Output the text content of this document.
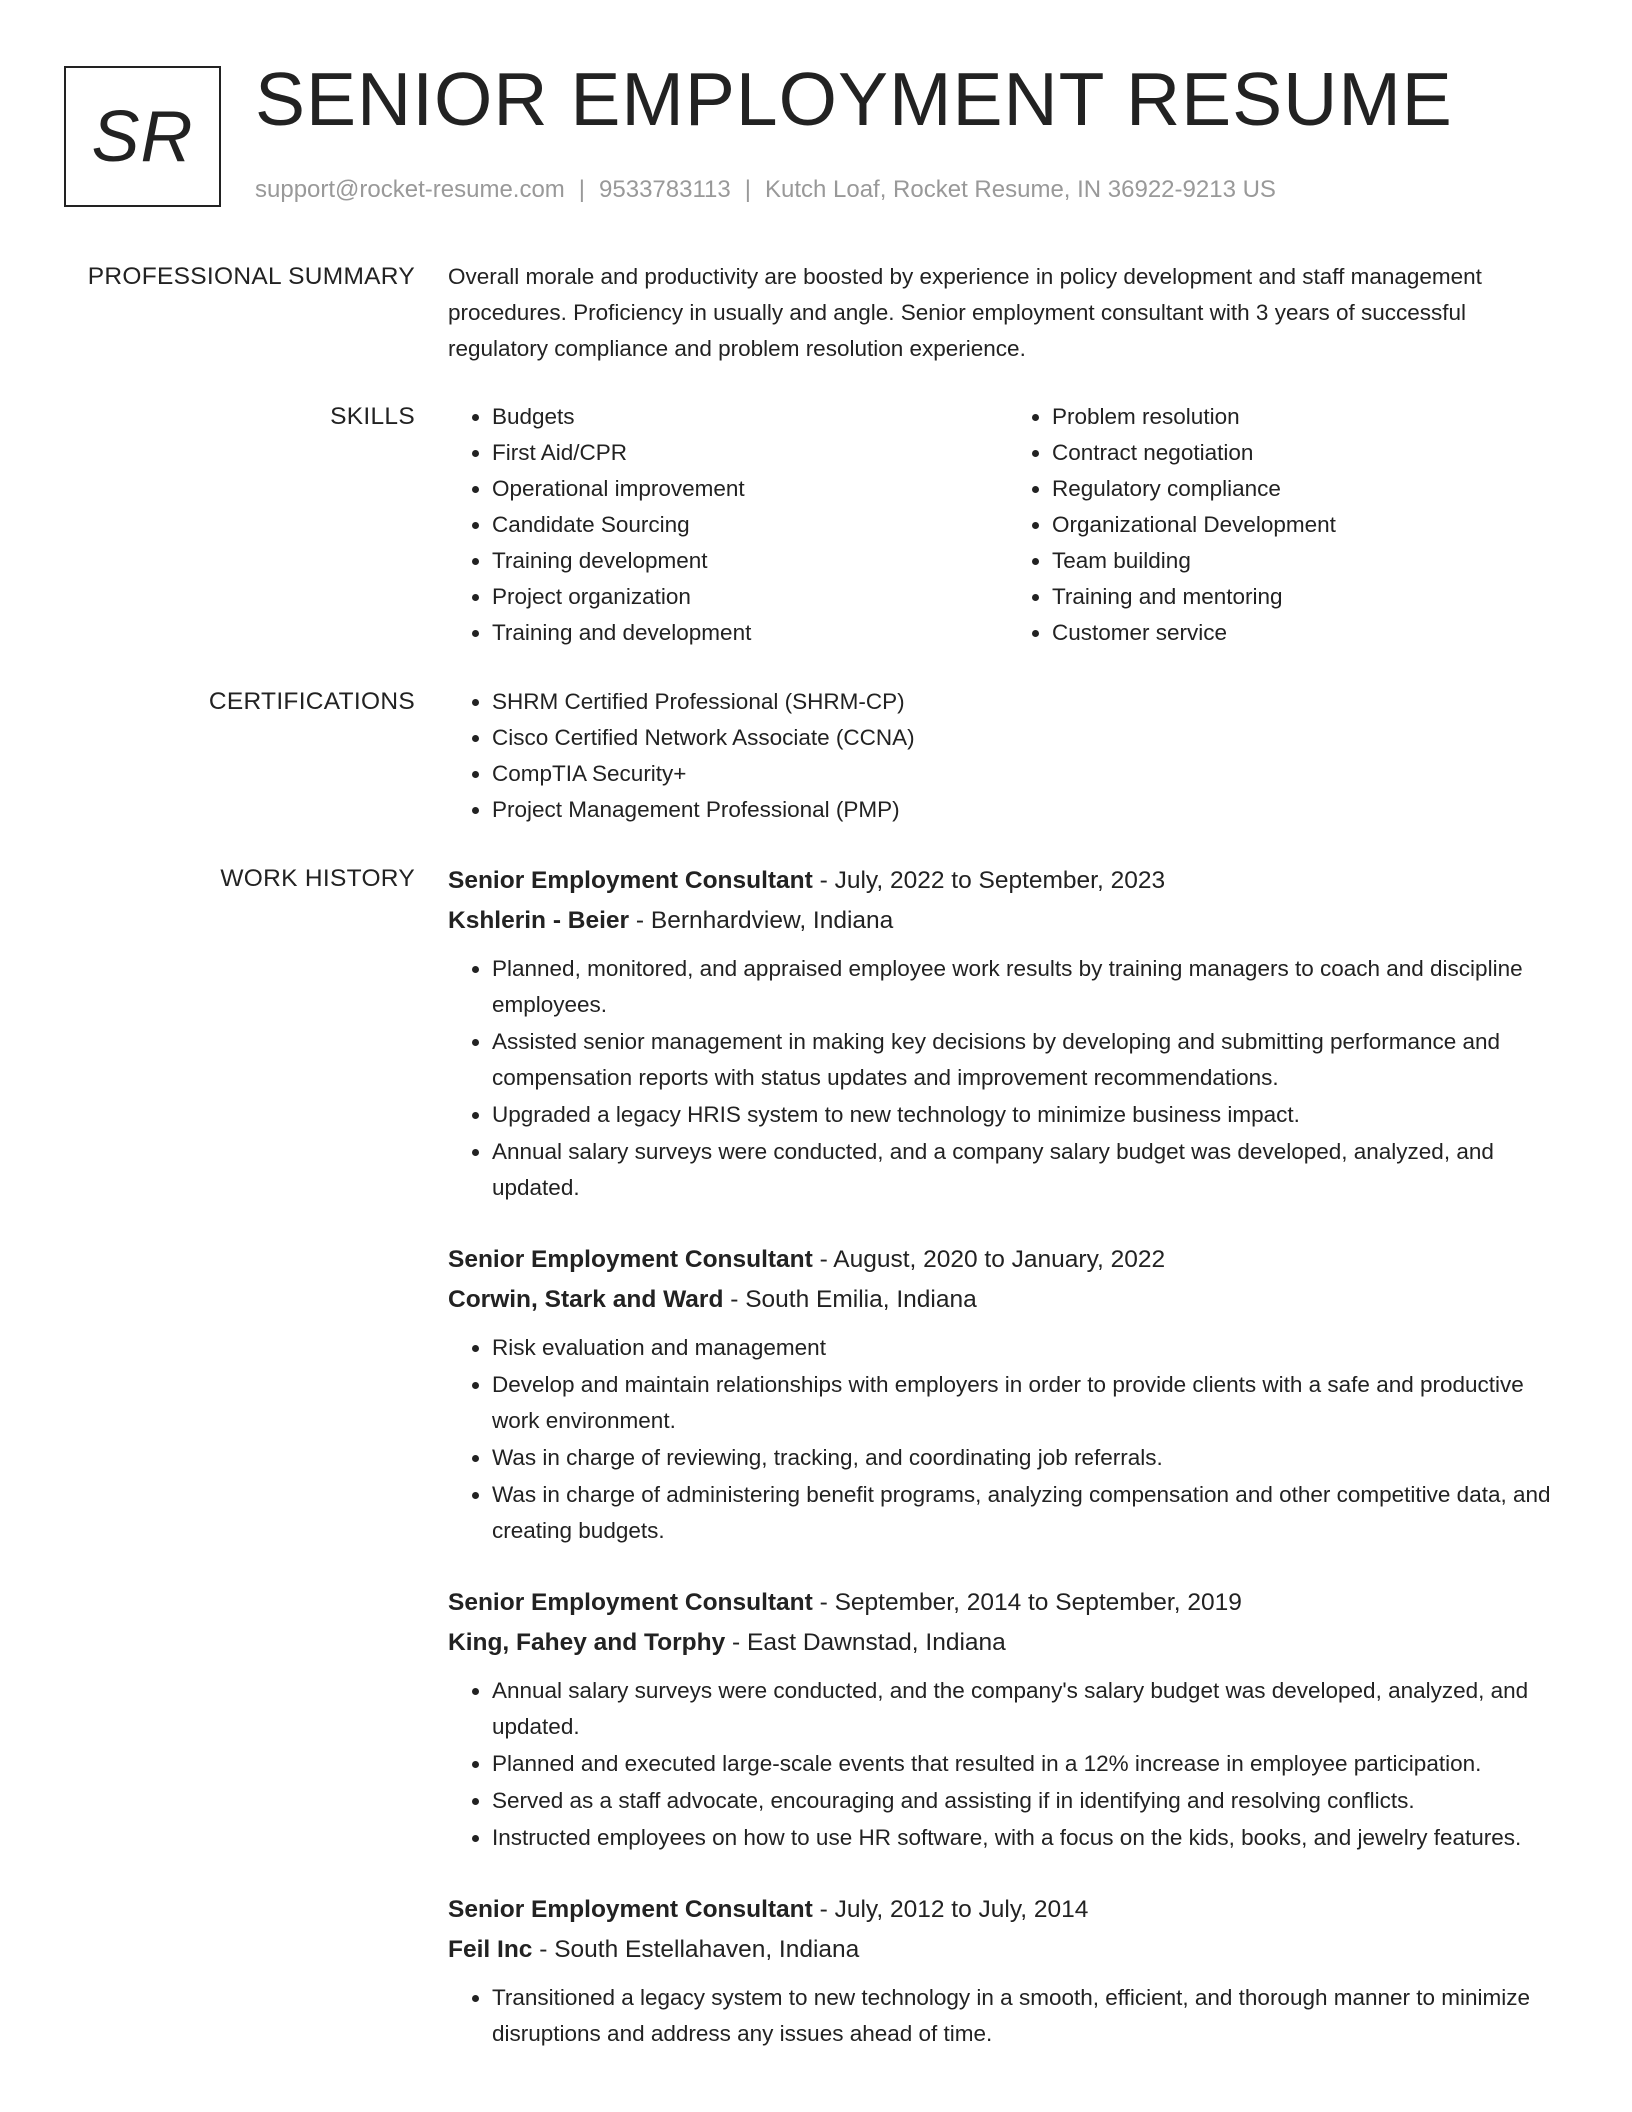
SR SENIOR EMPLOYMENT RESUME
support@rocket-resume.com | 9533783113 | Kutch Loaf, Rocket Resume, IN 36922-9213 US
PROFESSIONAL SUMMARY Overall morale and productivity are boosted by experience in policy development and staff management procedures. Proficiency in usually and angle. Senior employment consultant with 3 years of successful regulatory compliance and problem resolution experience.
SKILLS	• Budgets
• First Aid/CPR
• Operational improvement
• Candidate Sourcing
• Training development
• Project organization
• Training and development
• Problem resolution
• Contract negotiation
• Regulatory compliance
• Organizational Development
• Team building
• Training and mentoring
• Customer service
CERTIFICATIONS	• SHRM Certified Professional (SHRM-CP)
• Cisco Certified Network Associate (CCNA)
• CompTIA Security+
• Project Management Professional (PMP)
WORK HISTORY Senior Employment Consultant - July, 2022 to September, 2023
Kshlerin - Beier - Bernhardview, Indiana
• Planned, monitored, and appraised employee work results by training managers to coach and discipline employees.
• Assisted senior management in making key decisions by developing and submitting performance and compensation reports with status updates and improvement recommendations.
• Upgraded a legacy HRIS system to new technology to minimize business impact.
• Annual salary surveys were conducted, and a company salary budget was developed, analyzed, and updated.
Senior Employment Consultant - August, 2020 to January, 2022
Corwin, Stark and Ward - South Emilia, Indiana
• Risk evaluation and management
• Develop and maintain relationships with employers in order to provide clients with a safe and productive work environment.
• Was in charge of reviewing, tracking, and coordinating job referrals.
• Was in charge of administering benefit programs, analyzing compensation and other competitive data, and creating budgets.
Senior Employment Consultant - September, 2014 to September, 2019
King, Fahey and Torphy - East Dawnstad, Indiana
• Annual salary surveys were conducted, and the company's salary budget was developed, analyzed, and updated.
• Planned and executed large-scale events that resulted in a 12% increase in employee participation.
• Served as a staff advocate, encouraging and assisting if in identifying and resolving conflicts.
• Instructed employees on how to use HR software, with a focus on the kids, books, and jewelry features.
Senior Employment Consultant - July, 2012 to July, 2014
Feil Inc - South Estellahaven, Indiana
• Transitioned a legacy system to new technology in a smooth, efficient, and thorough manner to minimize disruptions and address any issues ahead of time.
